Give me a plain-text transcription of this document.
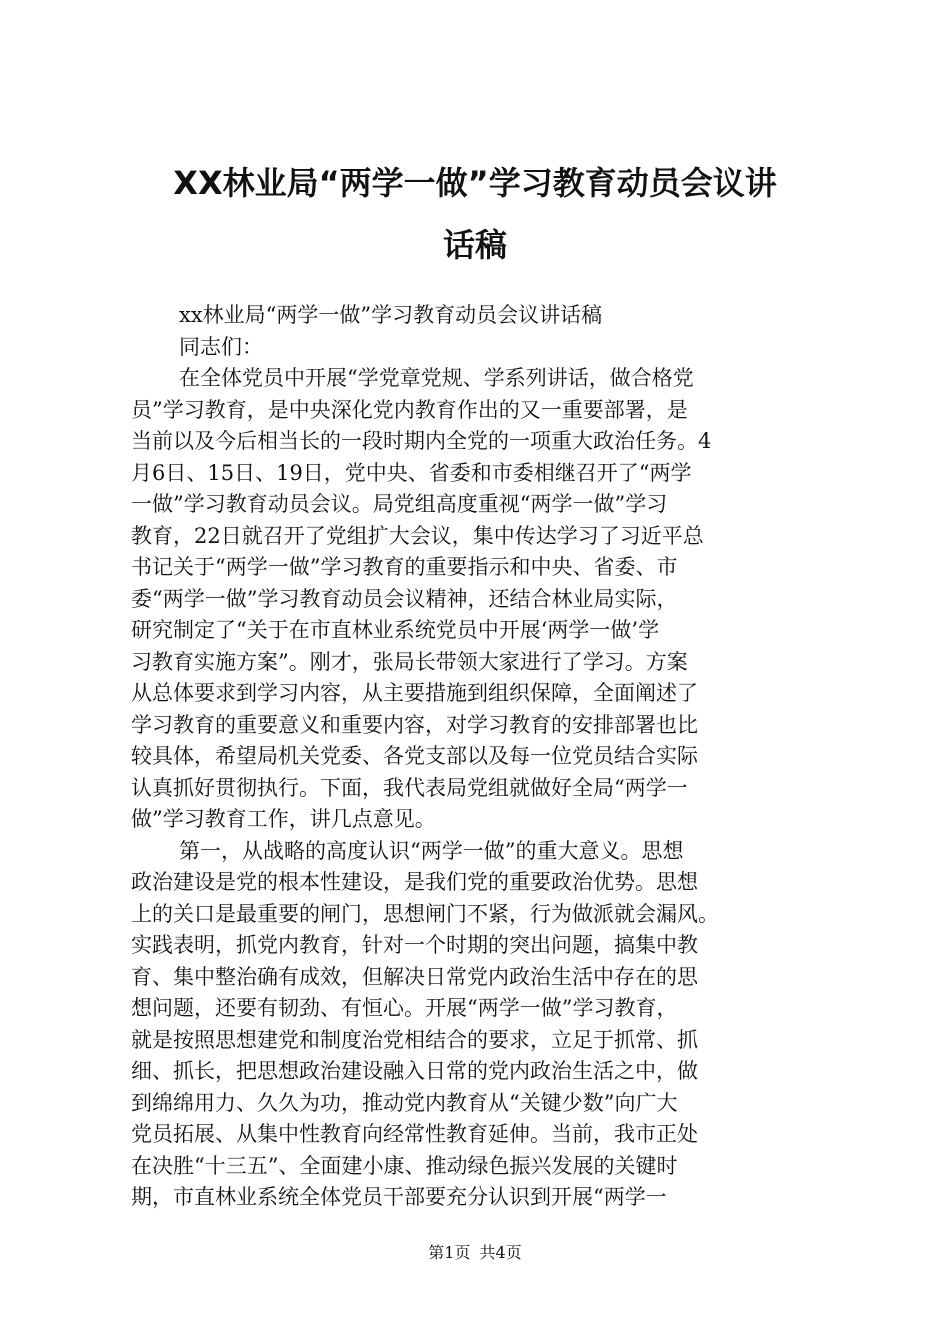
XX林业局“两学一做”学习教育动员会议讲
话稿
xx林业局“两学一做”学习教育动员会议讲话稿
同志们：
在全体党员中开展“学党章党规、学系列讲话，做合格党
员”学习教育，是中央深化党内教育作出的又一重要部署，是
当前以及今后相当长的一段时期内全党的一项重大政治任务。4
月6日、15日、19日，党中央、省委和市委相继召开了“两学
一做”学习教育动员会议。局党组高度重视“两学一做”学习
教育，22日就召开了党组扩大会议，集中传达学习了习近平总
书记关于“两学一做”学习教育的重要指示和中央、省委、市
委“两学一做”学习教育动员会议精神，还结合林业局实际，
研究制定了“关于在市直林业系统党员中开展‘两学一做’学
习教育实施方案”。刚才，张局长带领大家进行了学习。方案
从总体要求到学习内容，从主要措施到组织保障，全面阐述了
学习教育的重要意义和重要内容，对学习教育的安排部署也比
较具体，希望局机关党委、各党支部以及每一位党员结合实际
认真抓好贯彻执行。下面，我代表局党组就做好全局“两学一
做”学习教育工作，讲几点意见。
第一，从战略的高度认识“两学一做”的重大意义。思想
政治建设是党的根本性建设，是我们党的重要政治优势。思想
上的关口是最重要的闸门，思想闸门不紧，行为做派就会漏风。
实践表明，抓党内教育，针对一个时期的突出问题，搞集中教
育、集中整治确有成效，但解决日常党内政治生活中存在的思
想问题，还要有韧劲、有恒心。开展“两学一做”学习教育，
就是按照思想建党和制度治党相结合的要求，立足于抓常、抓
细、抓长，把思想政治建设融入日常的党内政治生活之中，做
到绵绵用力、久久为功，推动党内教育从“关键少数”向广大
党员拓展、从集中性教育向经常性教育延伸。当前，我市正处
在决胜“十三五”、全面建小康、推动绿色振兴发展的关键时
期，市直林业系统全体党员干部要充分认识到开展“两学一
第1页 共4页
